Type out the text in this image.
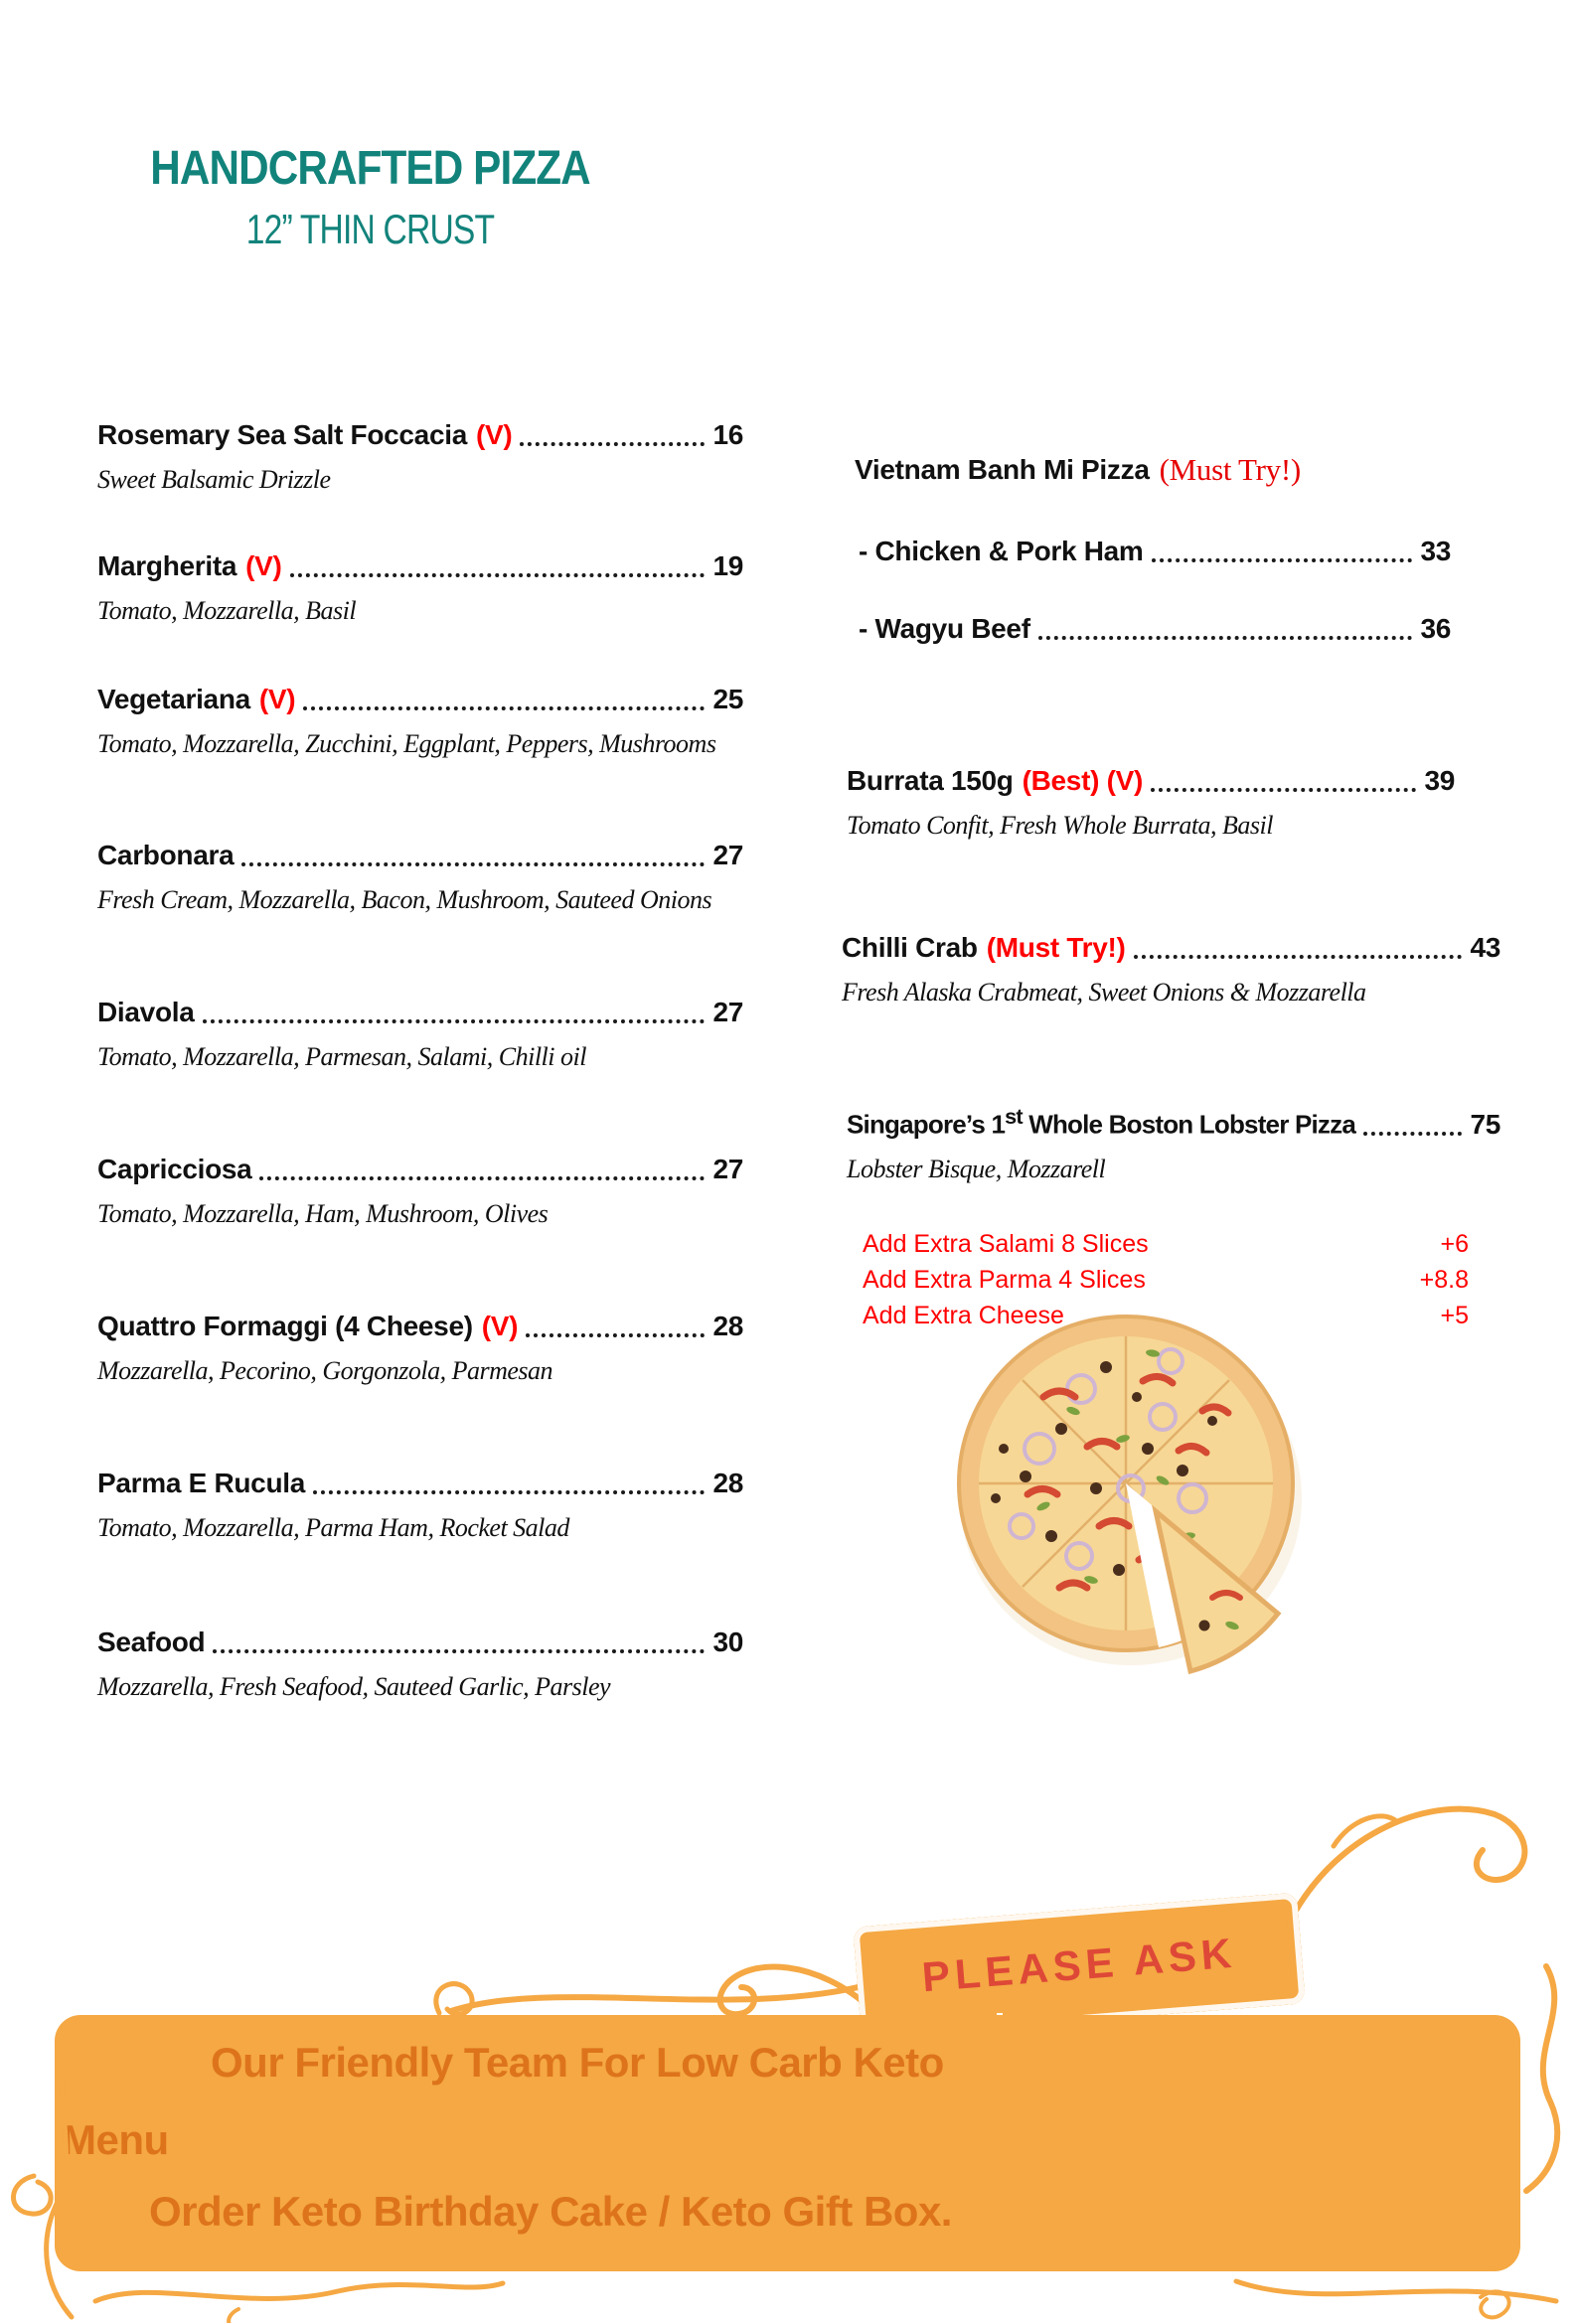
HANDCRAFTED PIZZA
12” THIN CRUST
Rosemary Sea Salt Foccacia (V)	16
Sweet Balsamic Drizzle
Margherita (V)	19
Tomato, Mozzarella, Basil
Vegetariana (V)	25
Tomato, Mozzarella, Zucchini, Eggplant, Peppers, Mushrooms
Carbonara	27
Fresh Cream, Mozzarella, Bacon, Mushroom, Sauteed Onions
Diavola	27
Tomato, Mozzarella, Parmesan, Salami, Chilli oil
Capricciosa	27
Tomato, Mozzarella, Ham, Mushroom, Olives
Quattro Formaggi (4 Cheese) (V)	28
Mozzarella, Pecorino, Gorgonzola, Parmesan
Parma E Rucula	28
Tomato, Mozzarella, Parma Ham, Rocket Salad
Seafood	30
Mozzarella, Fresh Seafood, Sauteed Garlic, Parsley
Vietnam Banh Mi Pizza (Must Try!)
- Chicken & Pork Ham	33
- Wagyu Beef	36
Burrata 150g (Best) (V)	39
Tomato Confit, Fresh Whole Burrata, Basil
Chilli Crab (Must Try!)	43
Fresh Alaska Crabmeat, Sweet Onions & Mozzarella
Singapore’s 1st Whole Boston Lobster Pizza	75
Lobster Bisque, Mozzarell
Add Extra Salami 8 Slices	+6
Add Extra Parma 4 Slices	+8.8
Add Extra Cheese	+5
PLEASE ASK
Our Friendly Team For Low Carb Keto
Menu
Order Keto Birthday Cake / Keto Gift Box.
